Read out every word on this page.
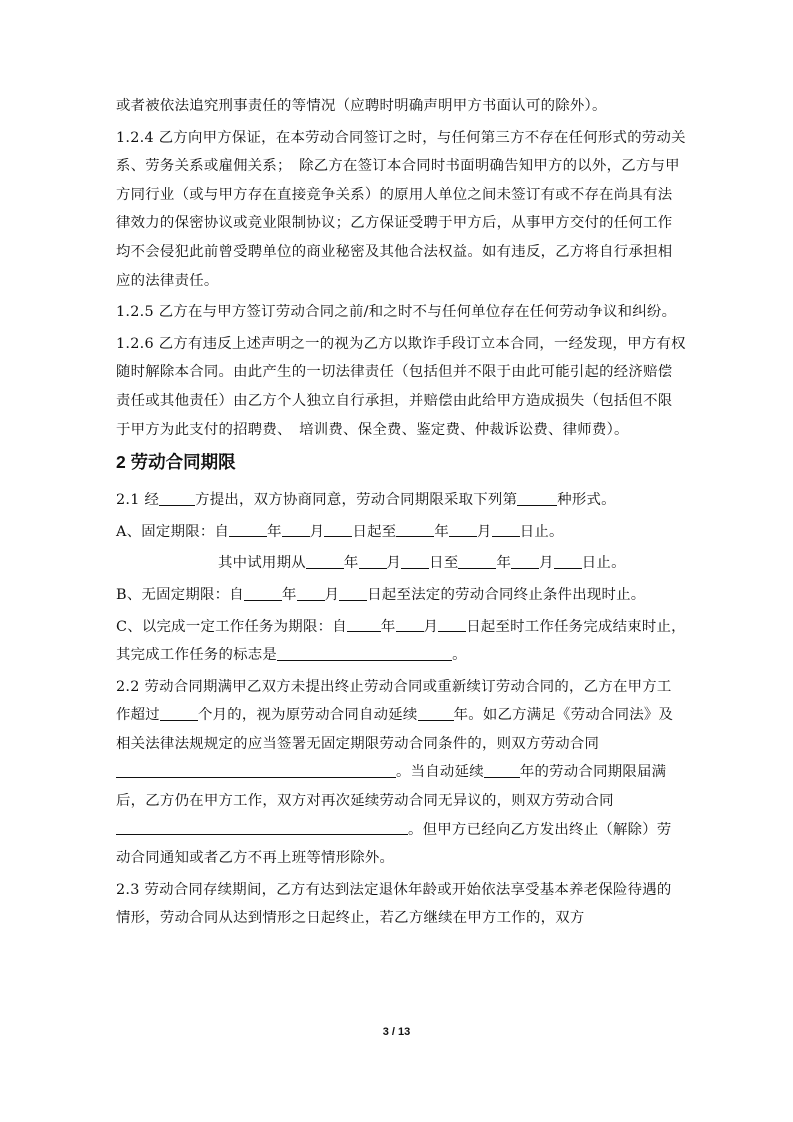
或者被依法追究刑事责任的等情况（应聘时明确声明甲方书面认可的除外）。

1.2.4 乙方向甲方保证，在本劳动合同签订之时，与任何第三方不存在任何形式的劳动关系、劳务关系或雇佣关系；　除乙方在签订本合同时书面明确告知甲方的以外，乙方与甲方同行业（或与甲方存在直接竞争关系）的原用人单位之间未签订有或不存在尚具有法律效力的保密协议或竞业限制协议；乙方保证受聘于甲方后，从事甲方交付的任何工作均不会侵犯此前曾受聘单位的商业秘密及其他合法权益。如有违反，乙方将自行承担相应的法律责任。

1.2.5 乙方在与甲方签订劳动合同之前/和之时不与任何单位存在任何劳动争议和纠纷。

1.2.6 乙方有违反上述声明之一的视为乙方以欺诈手段订立本合同，一经发现，甲方有权随时解除本合同。由此产生的一切法律责任（包括但并不限于由此可能引起的经济赔偿责任或其他责任）由乙方个人独立自行承担，并赔偿由此给甲方造成损失（包括但不限于甲方为此支付的招聘费、　培训费、保全费、鉴定费、仲裁诉讼费、律师费）。

2 劳动合同期限

2.1 经	方提出，双方协商同意，劳动合同期限采取下列第	种形式。

A、固定期限：自	年 月 日起至	年 月 日止。

其中试用期从	年 月 日至	年 月 日止。

B、无固定期限：自	年 月 日起至法定的劳动合同终止条件出现时止。

C、以完成一定工作任务为期限：自 年 月 日起至时工作任务完成结束时止，其完成工作任务的标志是	。

2.2 劳动合同期满甲乙双方未提出终止劳动合同或重新续订劳动合同的，乙方在甲方工作超过	个月的，视为原劳动合同自动延续	年。如乙方满足《劳动合同法》及相关法律法规规定的应当签署无固定期限劳动合同条件的，则双方劳动合同。当自动延续	年的劳动合同期限届满后，乙方仍在甲方工作，双方对再次延续劳动合同无异议的，则双方劳动合同。但甲方已经向乙方发出终止（解除）劳动合同通知或者乙方不再上班等情形除外。

2.3 劳动合同存续期间，乙方有达到法定退休年龄或开始依法享受基本养老保险待遇的情形，劳动合同从达到情形之日起终止，若乙方继续在甲方工作的，双方

3 / 13
